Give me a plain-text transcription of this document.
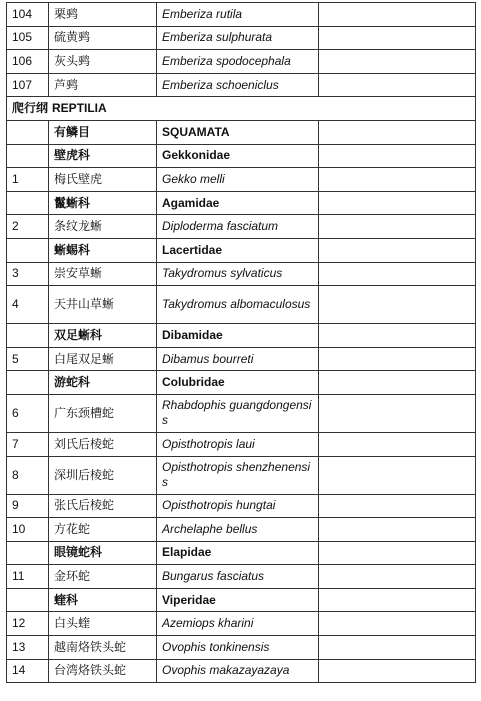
104	栗鹀	Emberiza rutila	
105	硫黄鹀	Emberiza sulphurata	
106	灰头鹀	Emberiza spodocephala	
107	芦鹀	Emberiza schoeniclus	
爬行纲 REPTILIA			
	有鳞目	SQUAMATA	
	壁虎科	Gekkonidae	
1	梅氏壁虎	Gekko melli	
	鬣蜥科	Agamidae	
2	条纹龙蜥	Diploderma fasciatum	
	蜥蜴科	Lacertidae	
3	崇安草蜥	Takydromus sylvaticus	
4	天井山草蜥	Takydromus albomaculosus	
	双足蜥科	Dibamidae	
5	白尾双足蜥	Dibamus bourreti	
	游蛇科	Colubridae	
6	广东颈槽蛇	Rhabdophis guangdongensis	
7	刘氏后棱蛇	Opisthotropis laui	
8	深圳后棱蛇	Opisthotropis shenzhenensis	
9	张氏后棱蛇	Opisthotropis hungtai	
10	方花蛇	Archelaphe bellus	
	眼镜蛇科	Elapidae	
11	金环蛇	Bungarus fasciatus	
	蝰科	Viperidae	
12	白头蝰	Azemiops kharini	
13	越南烙铁头蛇	Ovophis tonkinensis	
14	台湾烙铁头蛇	Ovophis makazayazaya	
